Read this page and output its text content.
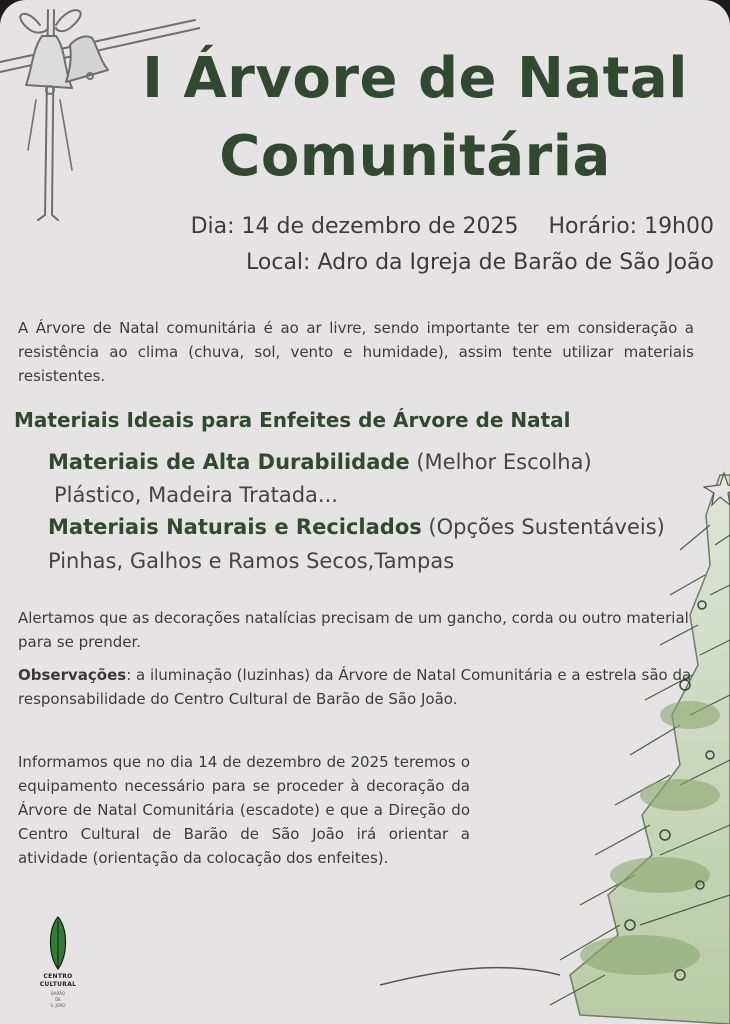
I Árvore de Natal
Comunitária
Dia: 14 de dezembro de 2025 Horário: 19h00
Local: Adro da Igreja de Barão de São João

A Árvore de Natal comunitária é ao ar livre, sendo importante ter em consideração a resistência ao clima (chuva, sol, vento e humidade), assim tente utilizar materiais resistentes.

Materiais Ideais para Enfeites de Árvore de Natal
Materiais de Alta Durabilidade (Melhor Escolha)
Plástico, Madeira Tratada...
Materiais Naturais e Reciclados (Opções Sustentáveis)
Pinhas, Galhos e Ramos Secos,Tampas

Alertamos que as decorações natalícias precisam de um gancho, corda ou outro material para se prender.

Observações: a iluminação (luzinhas) da Árvore de Natal Comunitária e a estrela são da responsabilidade do Centro Cultural de Barão de São João.

Informamos que no dia 14 de dezembro de 2025 teremos o equipamento necessário para se proceder à decoração da Árvore de Natal Comunitária (escadote) e que a Direção do Centro Cultural de Barão de São João irá orientar a atividade (orientação da colocação dos enfeites).

CENTRO
CULTURAL
BARÃO
DE
S. JOÃO
